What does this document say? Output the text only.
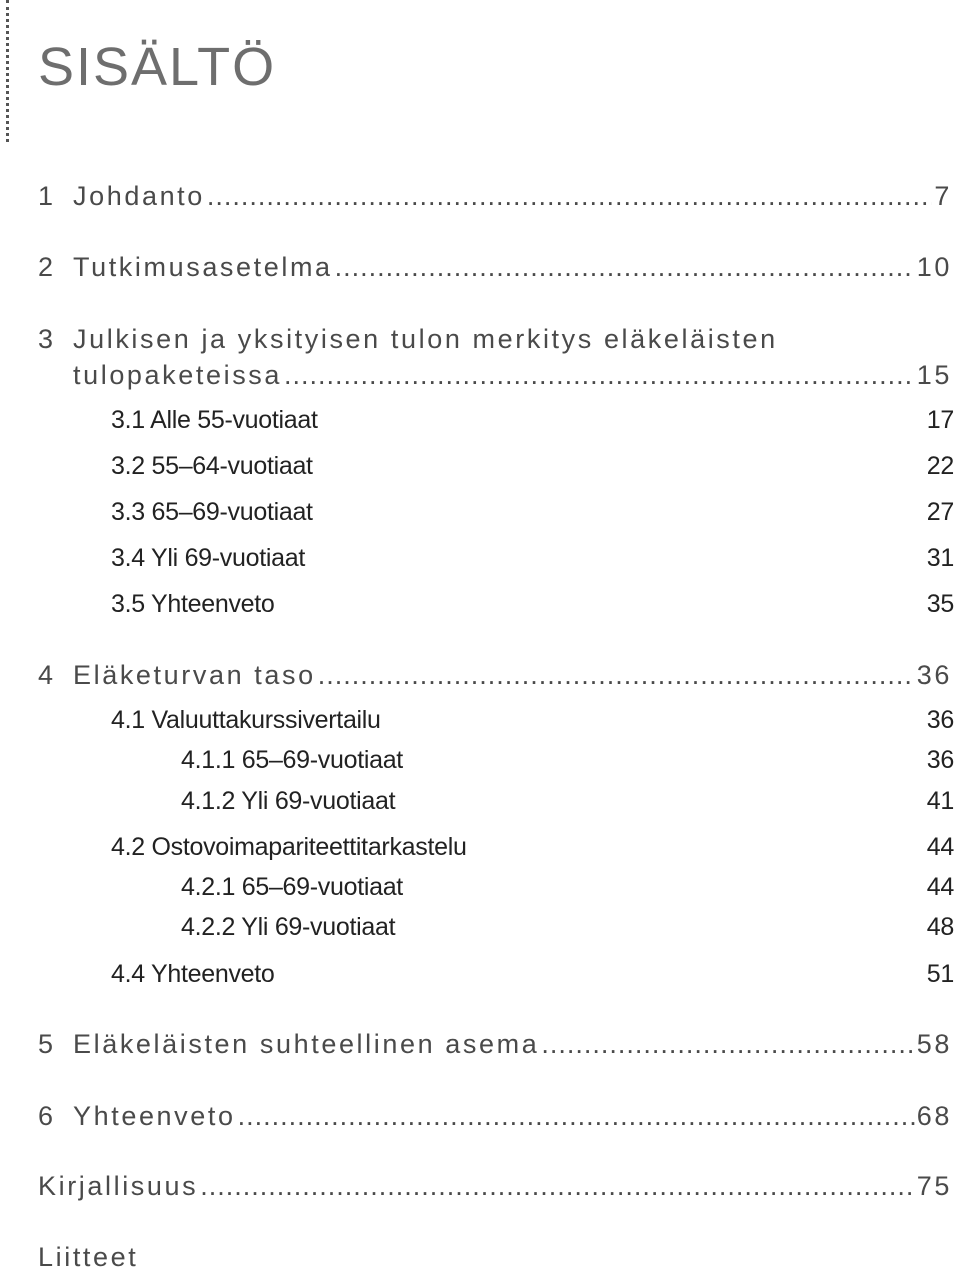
SISÄLTÖ
1 Johdanto .....	7
2 Tutkimusasetelma .....	10
3 Julkisen ja yksityisen tulon merkitys eläkeläisten
tulopaketeissa .....	15
3.1 Alle 55-vuotiaat	17
3.2 55–64-vuotiaat	22
3.3 65–69-vuotiaat	27
3.4 Yli 69-vuotiaat	31
3.5 Yhteenveto	35
4 Eläketurvan taso .....	36
4.1 Valuuttakurssivertailu	36
4.1.1 65–69-vuotiaat	36
4.1.2 Yli 69-vuotiaat	41
4.2 Ostovoimapariteettitarkastelu	44
4.2.1 65–69-vuotiaat	44
4.2.2 Yli 69-vuotiaat	48
4.4 Yhteenveto	51
5 Eläkeläisten suhteellinen asema .....	58
6 Yhteenveto .....	68
Kirjallisuus .....	75
Liitteet
